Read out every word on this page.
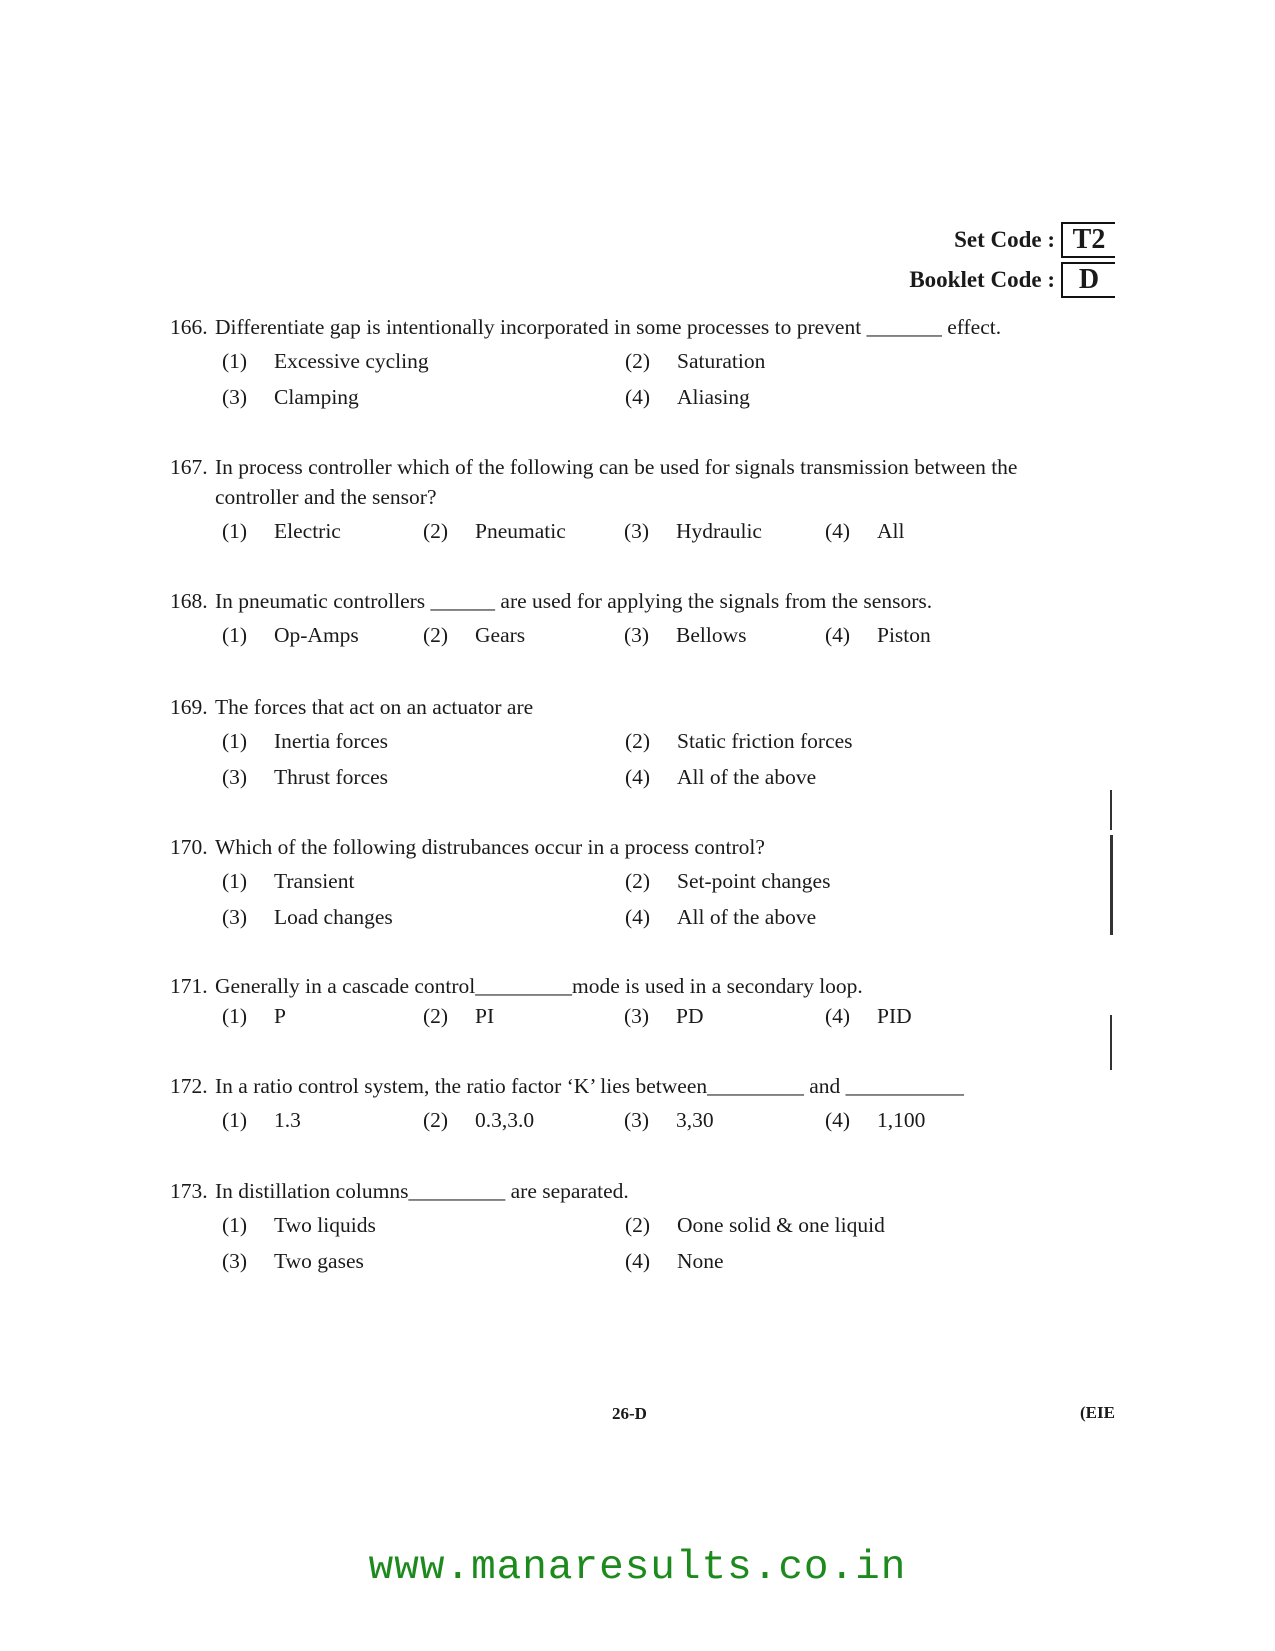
Set Code : T2
Booklet Code : D
166. Differentiate gap is intentionally incorporated in some processes to prevent _______ effect.
(1)	Excessive cycling	(2)	Saturation
(3)	Clamping	(4)	Aliasing
167. In process controller which of the following can be used for signals transmission between the
controller and the sensor?
(1)	Electric	(2)	Pneumatic	(3)	Hydraulic	(4)	All
168. In pneumatic controllers ______ are used for applying the signals from the sensors.
(1)	Op-Amps	(2)	Gears	(3)	Bellows	(4)	Piston
169. The forces that act on an actuator are
(1)	Inertia forces	(2)	Static friction forces
(3)	Thrust forces	(4)	All of the above
170. Which of the following distrubances occur in a process control?
(1)	Transient	(2)	Set-point changes
(3)	Load changes	(4)	All of the above
171. Generally in a cascade control_________mode is used in a secondary loop.
(1)	P	(2)	PI	(3)	PD	(4)	PID
172. In a ratio control system, the ratio factor ‘K’ lies between_________ and ___________
(1)	1.3	(2)	0.3,3.0	(3)	3,30	(4)	1,100
173. In distillation columns_________ are separated.
(1)	Two liquids	(2)	Oone solid & one liquid
(3)	Two gases	(4)	None
26-D	(EIE
www.manaresults.co.in
